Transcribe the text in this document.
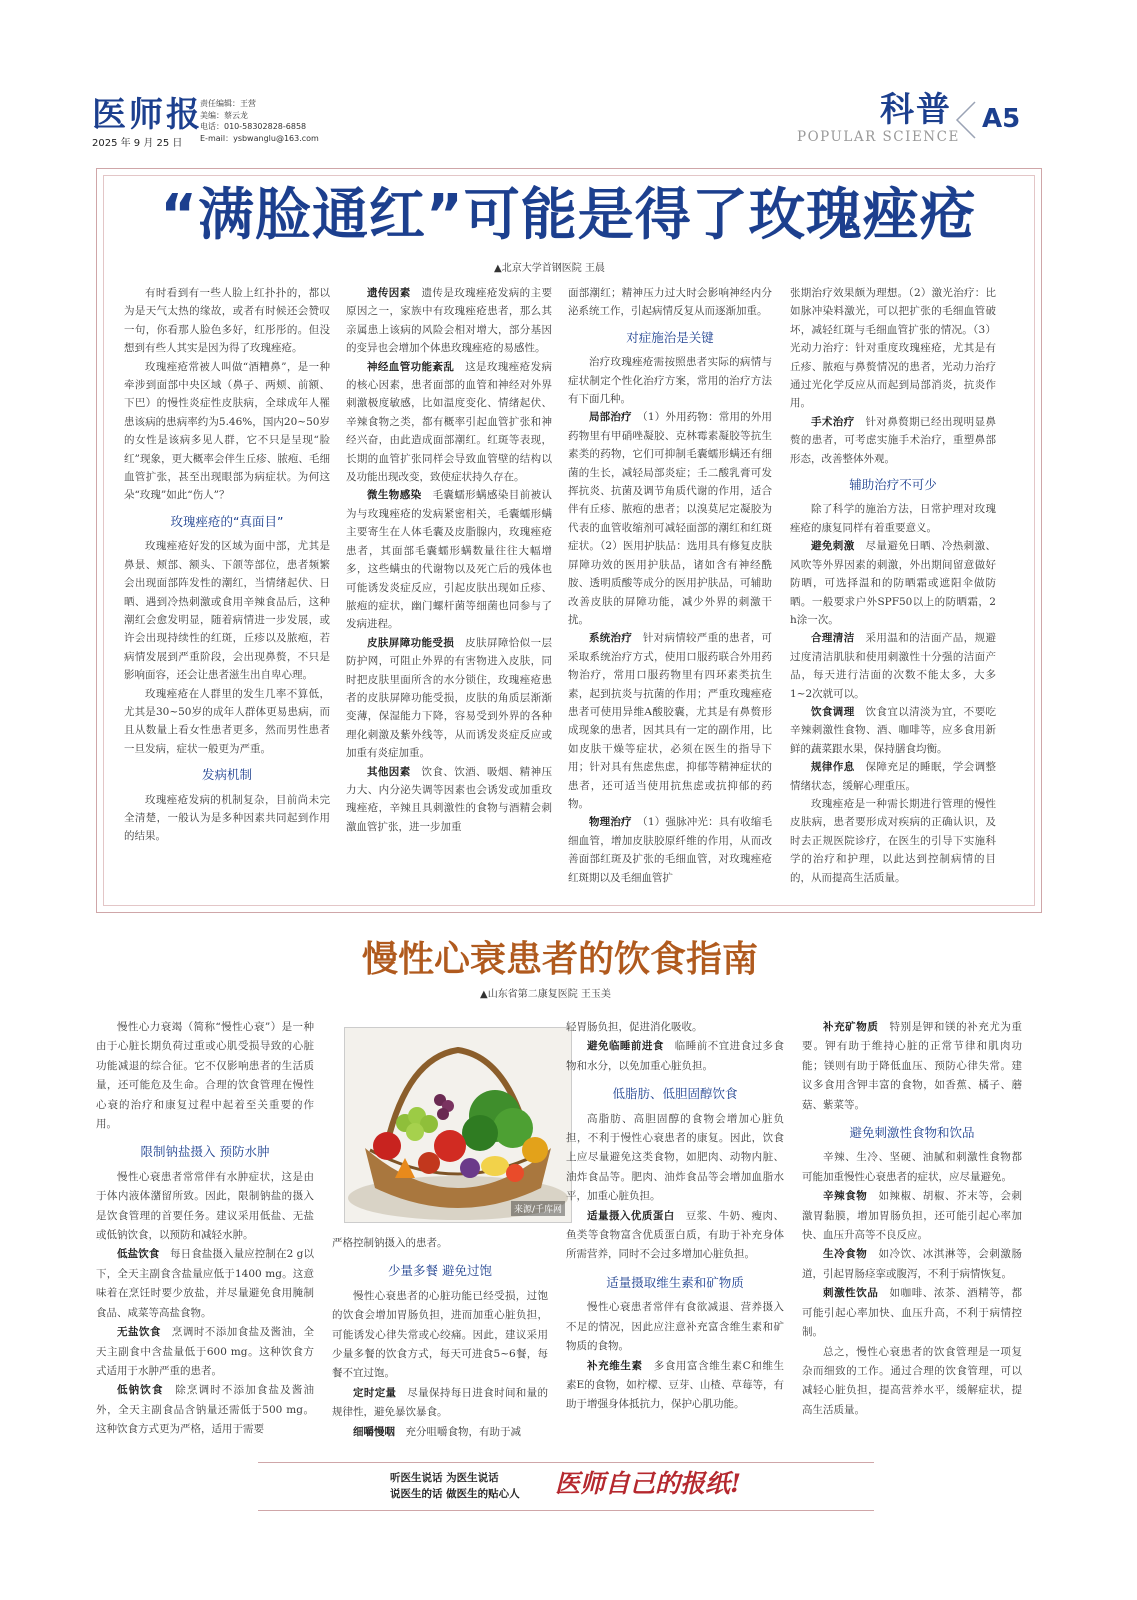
医师报
2025 年 9 月 25 日
责任编辑：王营
美编：蔡云龙
电话：010-58302828-6858
E-mail：ysbwanglu@163.com
科普
POPULAR SCIENCE
A5
“满脸通红”可能是得了玫瑰痤疮
▲北京大学首钢医院 王晨

有时看到有一些人脸上红扑扑的，都以为是天气太热的缘故，或者有时候还会赞叹一句，你看那人脸色多好，红彤彤的。但没想到有些人其实是因为得了玫瑰痤疮。

玫瑰痤疮常被人叫做“酒糟鼻”，是一种牵涉到面部中央区域（鼻子、两颊、前额、下巴）的慢性炎症性皮肤病，全球成年人罹患该病的患病率约为5.46%，国内20~50岁的女性是该病多见人群，它不只是呈现“脸红”现象，更大概率会伴生丘疹、脓疱、毛细血管扩张，甚至出现眼部为病症状。为何这朵“玫瑰”如此“伤人”？

玫瑰痤疮的“真面目”

玫瑰痤疮好发的区域为面中部，尤其是鼻景、颊部、额头、下颌等部位，患者频繁会出现面部阵发性的潮红，当情绪起伏、日晒、遇到冷热刺激或食用辛辣食品后，这种潮红会愈发明显，随着病情进一步发展，或许会出现持续性的红斑，丘疹以及脓疱，若病情发展到严重阶段，会出现鼻赘，不只是影响面容，还会让患者滋生出自卑心理。

玫瑰痤疮在人群里的发生几率不算低，尤其是30~50岁的成年人群体更易患病，而且从数量上看女性患者更多，然而男性患者一旦发病，症状一般更为严重。

发病机制

玫瑰痤疮发病的机制复杂，目前尚未完全清楚，一般认为是多种因素共同起到作用的结果。

遗传因素　 遗传是玫瑰痤疮发病的主要原因之一，家族中有玫瑰痤疮患者，那么其亲属患上该病的风险会相对增大，部分基因的变异也会增加个体患玫瑰痤疮的易感性。

神经血管功能紊乱　 这是玫瑰痤疮发病的核心因素，患者面部的血管和神经对外界刺激极度敏感，比如温度变化、情绪起伏、辛辣食物之类，都有概率引起血管扩张和神经兴奋，由此造成面部潮红。红斑等表现，长期的血管扩张同样会导致血管壁的结构以及功能出现改变，致使症状持久存在。

微生物感染　 毛囊蠕形螨感染目前被认为与玫瑰痤疮的发病紧密相关，毛囊蠕形螨主要寄生在人体毛囊及皮脂腺内，玫瑰痤疮患者，其面部毛囊蠕形螨数量往往大幅增多，这些螨虫的代谢物以及死亡后的残体也可能诱发炎症反应，引起皮肤出现如丘疹、脓疱的症状，幽门螺杆菌等细菌也同参与了发病进程。

皮肤屏障功能受损　 皮肤屏障恰似一层防护网，可阻止外界的有害物进入皮肤，同时把皮肤里面所含的水分锁住，玫瑰痤疮患者的皮肤屏障功能受损，皮肤的角质层渐渐变薄，保湿能力下降，容易受到外界的各种理化刺激及紫外线等，从而诱发炎症反应或加重有炎症加重。

其他因素　 饮食、饮酒、吸烟、精神压力大、内分泌失调等因素也会诱发或加重玫瑰痤疮，辛辣且具刺激性的食物与酒精会刺激血管扩张，进一步加重

面部潮红；精神压力过大时会影响神经内分泌系统工作，引起病情反复从而逐渐加重。

对症施治是关键

治疗玫瑰痤疮需按照患者实际的病情与症状制定个性化治疗方案，常用的治疗方法有下面几种。

局部治疗　 （1）外用药物：常用的外用药物里有甲硝唑凝胶、克林霉素凝胶等抗生素类的药物，它们可抑制毛囊蠕形螨还有细菌的生长，减轻局部炎症；壬二酸乳膏可发挥抗炎、抗菌及调节角质代谢的作用，适合伴有丘疹、脓疱的患者；以溴莫尼定凝胶为代表的血管收缩剂可减轻面部的潮红和红斑症状。（2）医用护肤品：选用具有修复皮肤屏障功效的医用护肤品，诸如含有神经酰胺、透明质酸等成分的医用护肤品，可辅助改善皮肤的屏障功能，减少外界的刺激干扰。

系统治疗　 针对病情较严重的患者，可采取系统治疗方式，使用口服药联合外用药物治疗，常用口服药物里有四环素类抗生素，起到抗炎与抗菌的作用；严重玫瑰痤疮患者可使用异维A酸胶囊，尤其是有鼻赘形成现象的患者，因其具有一定的副作用，比如皮肤干燥等症状，必须在医生的指导下用；针对具有焦虑焦虑，抑郁等精神症状的患者，还可适当使用抗焦虑或抗抑郁的药物。

物理治疗　 （1）强脉冲光：具有收缩毛细血管，增加皮肤胶原纤维的作用，从而改善面部红斑及扩张的毛细血管，对玫瑰痤疮红斑期以及毛细血管扩

张期治疗效果颇为理想。（2）激光治疗：比如脉冲染料激光，可以把扩张的毛细血管破坏，减轻红斑与毛细血管扩张的情况。（3）光动力治疗：针对重度玫瑰痤疮，尤其是有丘疹、脓疱与鼻赘情况的患者，光动力治疗通过光化学反应从而起到局部消炎，抗炎作用。

手术治疗　 针对鼻赘期已经出现明显鼻赘的患者，可考虑实施手术治疗，重塑鼻部形态，改善整体外观。

辅助治疗不可少

除了科学的施治方法，日常护理对玫瑰痤疮的康复同样有着重要意义。

避免刺激　 尽量避免日晒、冷热刺激、风吹等外界因素的刺激，外出期间留意做好防晒，可选择温和的防晒霜或遮阳伞做防晒。一般要求户外SPF50以上的防晒霜，2 h涂一次。

合理清洁　 采用温和的洁面产品，规避过度清洁肌肤和使用刺激性十分强的洁面产品，每天进行洁面的次数不能太多，大多1~2次就可以。

饮食调理　 饮食宜以清淡为宜，不要吃辛辣刺激性食物、酒、咖啡等，应多食用新鲜的蔬菜跟水果，保持膳食均衡。

规律作息　 保障充足的睡眠，学会调整情绪状态，缓解心理重压。

玫瑰痤疮是一种需长期进行管理的慢性皮肤病，患者要形成对疾病的正确认识，及时去正规医院诊疗，在医生的引导下实施科学的治疗和护理，以此达到控制病情的目的，从而提高生活质量。

慢性心衰患者的饮食指南
▲山东省第二康复医院 王玉美

慢性心力衰竭（简称“慢性心衰”）是一种由于心脏长期负荷过重或心肌受损导致的心脏功能减退的综合征。它不仅影响患者的生活质量，还可能危及生命。合理的饮食管理在慢性心衰的治疗和康复过程中起着至关重要的作用。

限制钠盐摄入 预防水肿

慢性心衰患者常常伴有水肿症状，这是由于体内液体潴留所致。因此，限制钠盐的摄入是饮食管理的首要任务。建议采用低盐、无盐或低钠饮食，以预防和减轻水肿。

低盐饮食　 每日食盐摄入量应控制在2 g以下，全天主副食含盐量应低于1400 mg。这意味着在烹饪时要少放盐，并尽量避免食用腌制食品、咸菜等高盐食物。

无盐饮食　 烹调时不添加食盐及酱油，全天主副食中含盐量低于600 mg。这种饮食方式适用于水肿严重的患者。

低钠饮食　 除烹调时不添加食盐及酱油外，全天主副食品含钠量还需低于500 mg。这种饮食方式更为严格，适用于需要

来源/千库网

严格控制钠摄入的患者。

少量多餐 避免过饱

慢性心衰患者的心脏功能已经受损，过饱的饮食会增加胃肠负担，进而加重心脏负担，可能诱发心律失常或心绞痛。因此，建议采用少量多餐的饮食方式，每天可进食5~6餐，每餐不宜过饱。

定时定量　 尽量保持每日进食时间和量的规律性，避免暴饮暴食。

细嚼慢咽　 充分咀嚼食物，有助于减

轻胃肠负担，促进消化吸收。

避免临睡前进食　 临睡前不宜进食过多食物和水分，以免加重心脏负担。

低脂肪、低胆固醇饮食

高脂肪、高胆固醇的食物会增加心脏负担，不利于慢性心衰患者的康复。因此，饮食上应尽量避免这类食物，如肥肉、动物内脏、油炸食品等。肥肉、油炸食品等会增加血脂水平，加重心脏负担。

适量摄入优质蛋白　 豆浆、牛奶、瘦肉、鱼类等食物富含优质蛋白质，有助于补充身体所需营养，同时不会过多增加心脏负担。

适量摄取维生素和矿物质

慢性心衰患者常伴有食欲减退、营养摄入不足的情况，因此应注意补充富含维生素和矿物质的食物。

补充维生素　 多食用富含维生素C和维生素E的食物，如柠檬、豆芽、山楂、草莓等，有助于增强身体抵抗力，保护心肌功能。

补充矿物质　 特别是钾和镁的补充尤为重要。钾有助于维持心脏的正常节律和肌肉功能；镁则有助于降低血压、预防心律失常。建议多食用含钾丰富的食物，如香蕉、橘子、蘑菇、紫菜等。

避免刺激性食物和饮品

辛辣、生冷、坚硬、油腻和刺激性食物都可能加重慢性心衰患者的症状，应尽量避免。

辛辣食物　 如辣椒、胡椒、芥末等，会刺激胃黏膜，增加胃肠负担，还可能引起心率加快、血压升高等不良反应。

生冷食物　 如冷饮、冰淇淋等，会刺激肠道，引起胃肠痉挛或腹泻，不利于病情恢复。

刺激性饮品　 如咖啡、浓茶、酒精等，都可能引起心率加快、血压升高，不利于病情控制。

总之，慢性心衰患者的饮食管理是一项复杂而细致的工作。通过合理的饮食管理，可以减轻心脏负担，提高营养水平，缓解症状，提高生活质量。

听医生说话 为医生说话
说医生的话 做医生的贴心人 医师自己的报纸!
